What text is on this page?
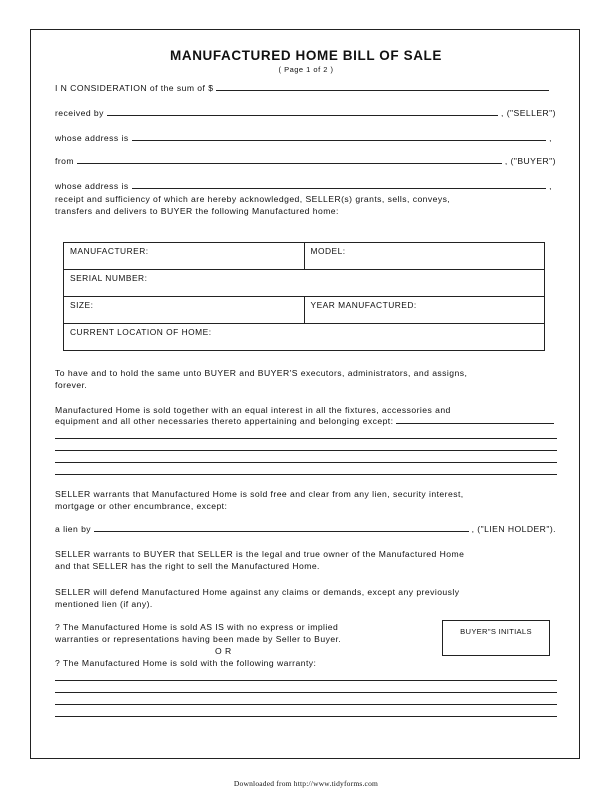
MANUFACTURED HOME BILL OF SALE
( Page 1 of 2 )
I N CONSIDERATION of the sum of $
received by	, ("SELLER")
whose address is	,
from	, ("BUYER")
whose address is	,
receipt and sufficiency of which are hereby acknowledged, SELLER(s) grants, sells, conveys,
transfers and delivers to BUYER the following Manufactured home:
MANUFACTURER:	MODEL:
SERIAL NUMBER:	
SIZE:	YEAR MANUFACTURED:
CURRENT LOCATION OF HOME:	
To have and to hold the same unto BUYER and BUYER'S executors, administrators, and assigns,
forever.
Manufactured Home is sold together with an equal interest in all the fixtures, accessories and
equipment and all other necessaries thereto appertaining and belonging except:
SELLER warrants that Manufactured Home is sold free and clear from any lien, security interest,
mortgage or other encumbrance, except:
a lien by	, ("LIEN HOLDER").
SELLER warrants to BUYER that SELLER is the legal and true owner of the Manufactured Home
and that SELLER has the right to sell the Manufactured Home.
SELLER will defend Manufactured Home against any claims or demands, except any previously
mentioned lien (if any).
? The Manufactured Home is sold AS IS with no express or implied
warranties or representations having been made by Seller to Buyer.
O R
? The Manufactured Home is sold with the following warranty:
BUYER"S INITIALS
Downloaded from http://www.tidyforms.com
